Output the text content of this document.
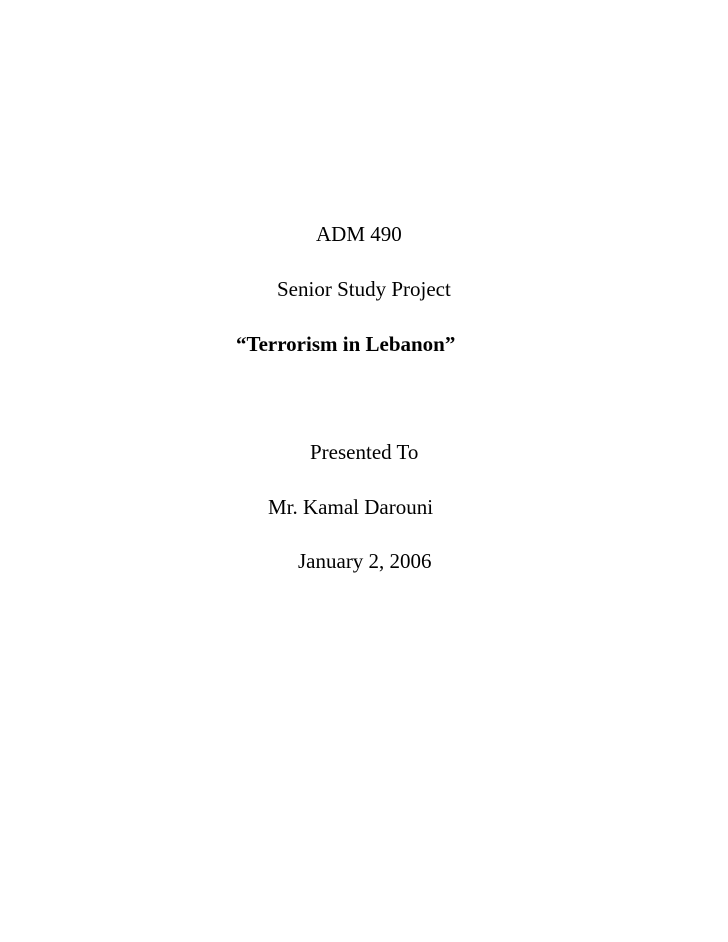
ADM 490
Senior Study Project
“Terrorism in Lebanon”
Presented To
Mr. Kamal Darouni
January 2, 2006
